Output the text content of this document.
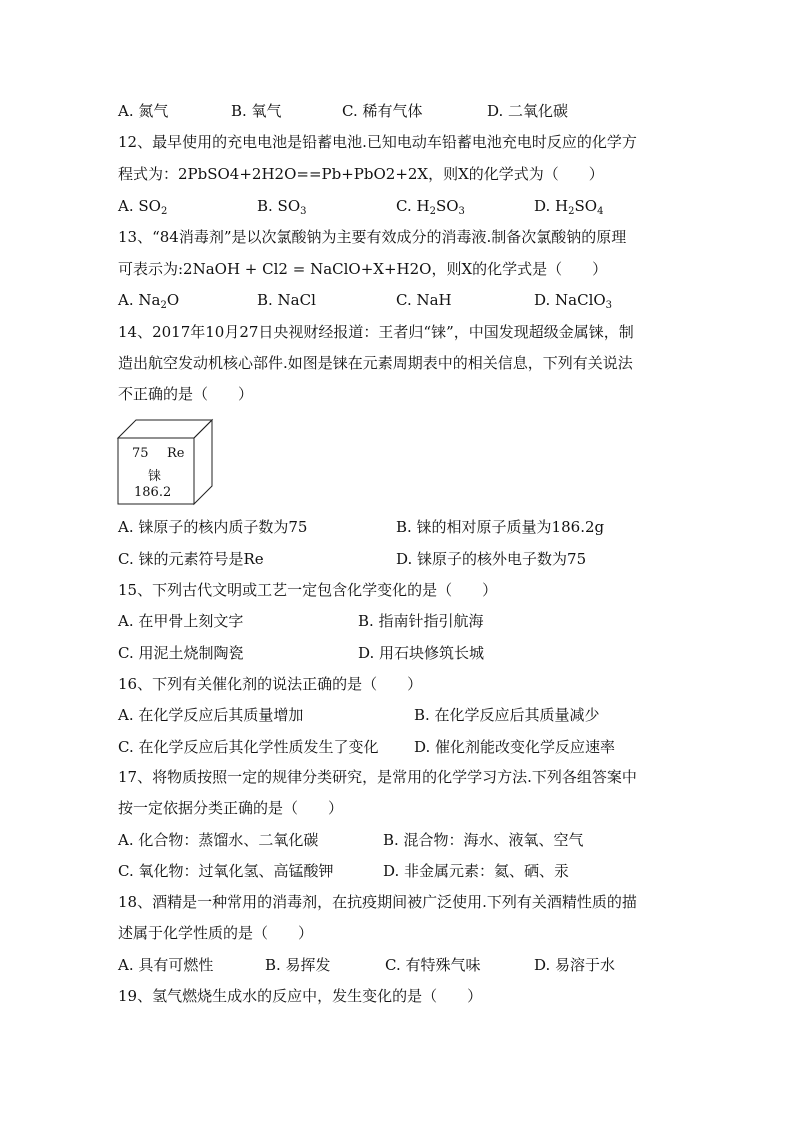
A. 氮气	B. 氧气	C. 稀有气体	D. 二氧化碳
12、最早使用的充电电池是铅蓄电池.已知电动车铅蓄电池充电时反应的化学方
程式为：2PbSO4+2H2O==Pb+PbO2+2X，则X的化学式为（　　）
A. $SO_2$	B. $SO_3$	C. $H_2SO_3$	D. $H_2SO_4$
13、“84消毒剂”是以次氯酸钠为主要有效成分的消毒液.制备次氯酸钠的原理
可表示为:2NaOH + Cl2 = NaClO+X+H2O，则X的化学式是（　　）
A. $Na_2O$	B. NaCl	C. NaH	D. NaClO$_3$
14、2017年10月27日央视财经报道：王者归“铼”，中国发现超级金属铼，制
造出航空发动机核心部件.如图是铼在元素周期表中的相关信息，下列有关说法
不正确的是（　　）
75 Re
铼
186.2
A. 铼原子的核内质子数为75	B. 铼的相对原子质量为186.2g
C. 铼的元素符号是Re	D. 铼原子的核外电子数为75
15、下列古代文明或工艺一定包含化学变化的是（　　）
A. 在甲骨上刻文字	B. 指南针指引航海
C. 用泥土烧制陶瓷	D. 用石块修筑长城
16、下列有关催化剂的说法正确的是（　　）
A. 在化学反应后其质量增加	B. 在化学反应后其质量减少
C. 在化学反应后其化学性质发生了变化 D. 催化剂能改变化学反应速率
17、将物质按照一定的规律分类研究，是常用的化学学习方法.下列各组答案中
按一定依据分类正确的是（　　）
A. 化合物：蒸馏水、二氧化碳	B. 混合物：海水、液氧、空气
C. 氧化物：过氧化氢、高锰酸钾	D. 非金属元素：氦、硒、汞
18、酒精是一种常用的消毒剂，在抗疫期间被广泛使用.下列有关酒精性质的描
述属于化学性质的是（　　）
A. 具有可燃性	B. 易挥发	C. 有特殊气味	D. 易溶于水
19、氢气燃烧生成水的反应中，发生变化的是（　　）
